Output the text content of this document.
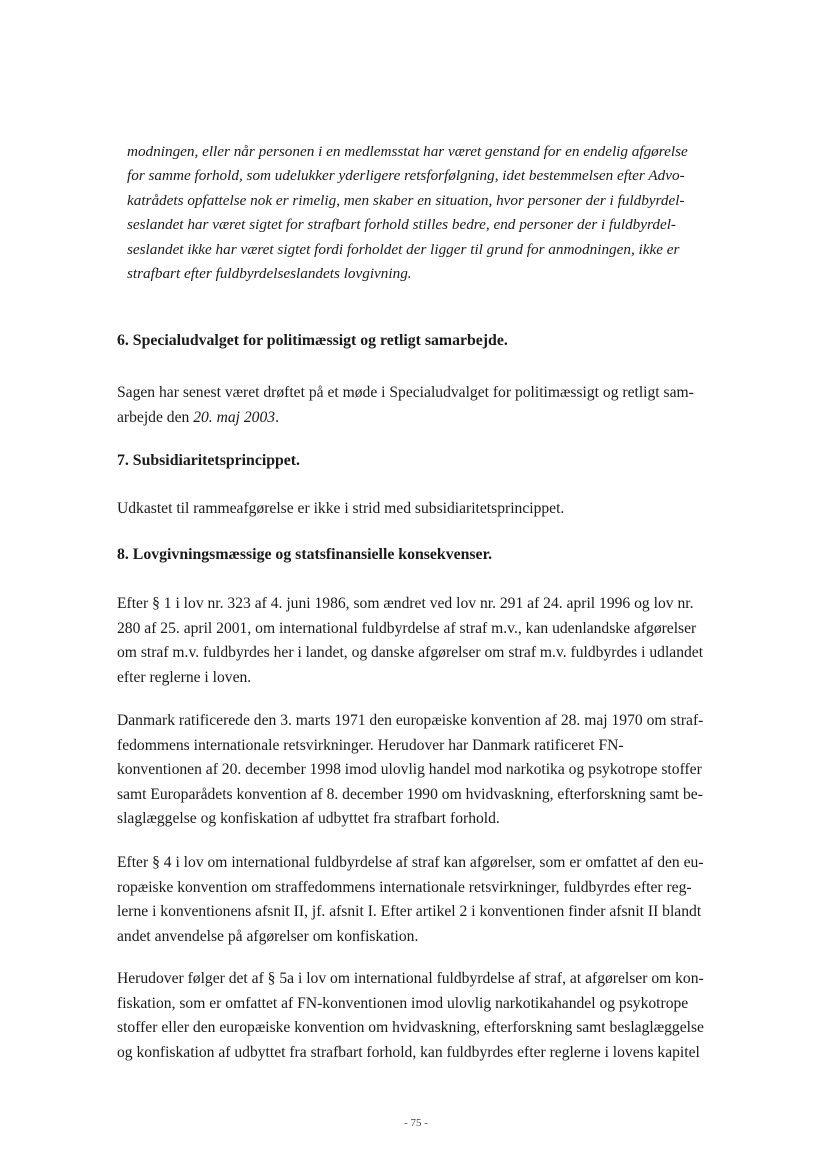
modningen, eller når personen i en medlemsstat har været genstand for en endelig afgørelse
for samme forhold, som udelukker yderligere retsforfølgning, idet bestemmelsen efter Advo-
katrådets opfattelse nok er rimelig, men skaber en situation, hvor personer der i fuldbyrdel-
seslandet har været sigtet for strafbart forhold stilles bedre, end personer der i fuldbyrdel-
seslandet ikke har været sigtet fordi forholdet der ligger til grund for anmodningen, ikke er
strafbart efter fuldbyrdelseslandets lovgivning.
6. Specialudvalget for politimæssigt og retligt samarbejde.
Sagen har senest været drøftet på et møde i Specialudvalget for politimæssigt og retligt sam-
arbejde den 20. maj 2003.
7. Subsidiaritetsprincippet.
Udkastet til rammeafgørelse er ikke i strid med subsidiaritetsprincippet.
8. Lovgivningsmæssige og statsfinansielle konsekvenser.
Efter § 1 i lov nr. 323 af 4. juni 1986, som ændret ved lov nr. 291 af 24. april 1996 og lov nr.
280 af 25. april 2001, om international fuldbyrdelse af straf m.v., kan udenlandske afgørelser
om straf m.v. fuldbyrdes her i landet, og danske afgørelser om straf m.v. fuldbyrdes i udlandet
efter reglerne i loven.
Danmark ratificerede den 3. marts 1971 den europæiske konvention af 28. maj 1970 om straf-
fedommens internationale retsvirkninger. Herudover har Danmark ratificeret FN-
konventionen af 20. december 1998 imod ulovlig handel mod narkotika og psykotrope stoffer
samt Europarådets konvention af 8. december 1990 om hvidvaskning, efterforskning samt be-
slaglæggelse og konfiskation af udbyttet fra strafbart forhold.
Efter § 4 i lov om international fuldbyrdelse af straf kan afgørelser, som er omfattet af den eu-
ropæiske konvention om straffedommens internationale retsvirkninger, fuldbyrdes efter reg-
lerne i konventionens afsnit II, jf. afsnit I. Efter artikel 2 i konventionen finder afsnit II blandt
andet anvendelse på afgørelser om konfiskation.
Herudover følger det af § 5a i lov om international fuldbyrdelse af straf, at afgørelser om kon-
fiskation, som er omfattet af FN-konventionen imod ulovlig narkotikahandel og psykotrope
stoffer eller den europæiske konvention om hvidvaskning, efterforskning samt beslaglæggelse
og konfiskation af udbyttet fra strafbart forhold, kan fuldbyrdes efter reglerne i lovens kapitel
- 75 -
